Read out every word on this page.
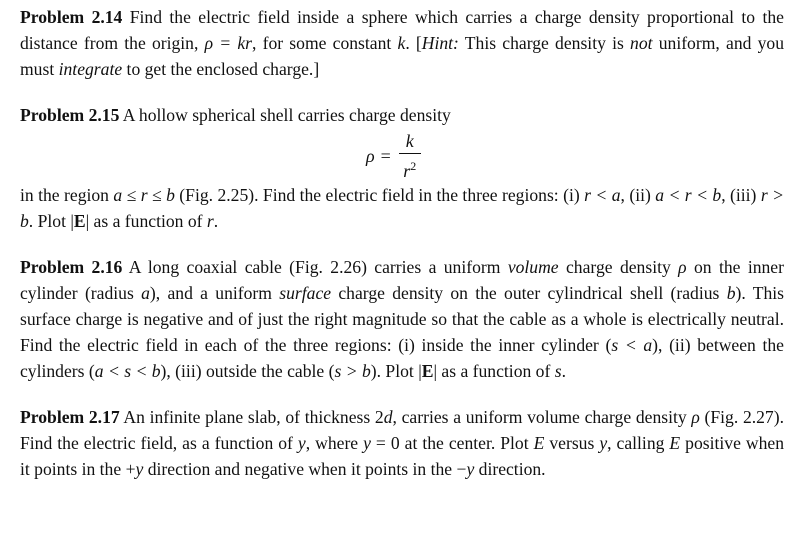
Problem 2.14 Find the electric field inside a sphere which carries a charge density proportional to the distance from the origin, ρ = kr, for some constant k. [Hint: This charge density is not uniform, and you must integrate to get the enclosed charge.]

Problem 2.15 A hollow spherical shell carries charge density

$\rho = \frac{k}{r^2}$

in the region a ≤ r ≤ b (Fig. 2.25). Find the electric field in the three regions: (i) r < a, (ii) a < r < b, (iii) r > b. Plot |E| as a function of r.

Problem 2.16 A long coaxial cable (Fig. 2.26) carries a uniform volume charge density ρ on the inner cylinder (radius a), and a uniform surface charge density on the outer cylindrical shell (radius b). This surface charge is negative and of just the right magnitude so that the cable as a whole is electrically neutral. Find the electric field in each of the three regions: (i) inside the inner cylinder (s < a), (ii) between the cylinders (a < s < b), (iii) outside the cable (s > b). Plot |E| as a function of s.

Problem 2.17 An infinite plane slab, of thickness 2d, carries a uniform volume charge density ρ (Fig. 2.27). Find the electric field, as a function of y, where y = 0 at the center. Plot E versus y, calling E positive when it points in the +y direction and negative when it points in the −y direction.
